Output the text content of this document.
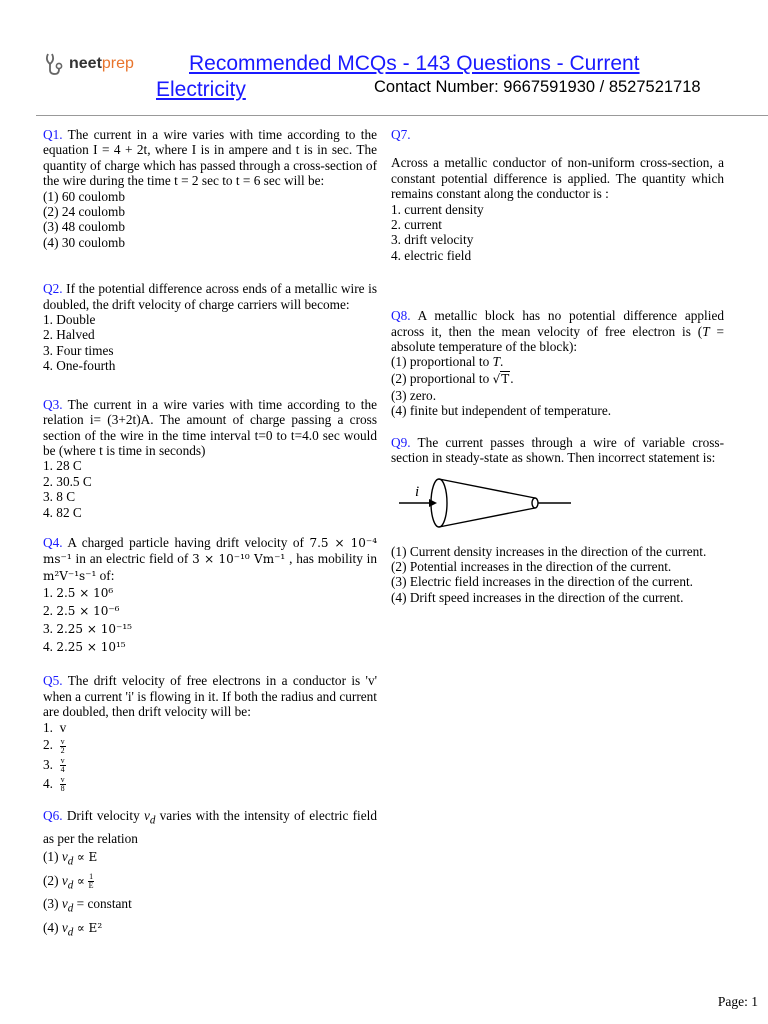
neetprep	Recommended MCQs - 143 Questions - Current
Electricity	Contact Number: 9667591930 / 8527521718

Q1. The current in a wire varies with time according to the equation I = 4 + 2t, where I is in ampere and t is in sec. The quantity of charge which has passed through a cross-section of the wire during the time t = 2 sec to t = 6 sec will be:

(1) 60 coulomb

(2) 24 coulomb

(3) 48 coulomb

(4) 30 coulomb

Q2. If the potential difference across ends of a metallic wire is doubled, the drift velocity of charge carriers will become:

1. Double

2. Halved

3. Four times

4. One-fourth

Q3. The current in a wire varies with time according to the relation i= (3+2t)A. The amount of charge passing a cross section of the wire in the time interval t=0 to t=4.0 sec would be (where t is time in seconds)

1. 28 C

2. 30.5 C

3. 8 C

4. 82 C

Q4. A charged particle having drift velocity of 7.5 × 10⁻⁴ ms⁻¹ in an electric field of 3 × 10⁻¹⁰ Vm⁻¹ , has mobility in m²V⁻¹s⁻¹ of:

1. 2.5 × 10⁶

2. 2.5 × 10⁻⁶

3. 2.25 × 10⁻¹⁵

4. 2.25 × 10¹⁵

Q5. The drift velocity of free electrons in a conductor is 'v' when a current 'i' is flowing in it. If both the radius and current are doubled, then drift velocity will be:

1. v

2. $\frac{v}{2}$

3. $\frac{v}{4}$

4. $\frac{v}{8}$

Q6. Drift velocity $v_d$ varies with the intensity of electric field as per the relation

(1) $v_d \propto E$

(2) $v_d \propto \frac{1}{E}$

(3) $v_d$ = constant

(4) $v_d \propto E^2$

Q7.

Across a metallic conductor of non-uniform cross-section, a constant potential difference is applied. The quantity which remains constant along the conductor is :

1. current density

2. current

3. drift velocity

4. electric field

Q8. A metallic block has no potential difference applied across it, then the mean velocity of free electron is (T = absolute temperature of the block):

(1) proportional to T.

(2) proportional to √T.

(3) zero.

(4) finite but independent of temperature.

Q9. The current passes through a wire of variable cross-section in steady-state as shown. Then incorrect statement is:

i

(1) Current density increases in the direction of the current.

(2) Potential increases in the direction of the current.

(3) Electric field increases in the direction of the current.

(4) Drift speed increases in the direction of the current.

Page: 1
